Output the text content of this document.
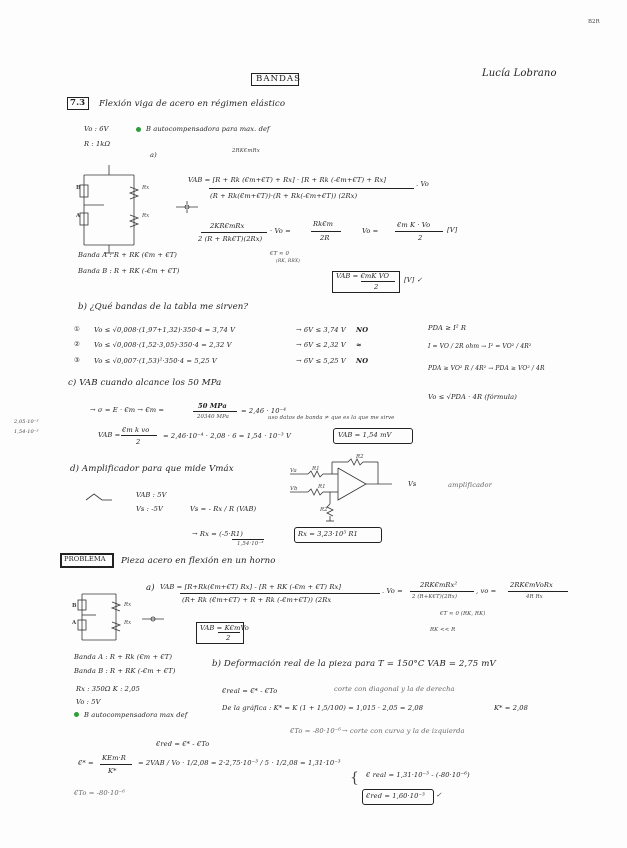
B2R
Lucía Lobrano
BANDAS
7.3 Flexión viga de acero en régimen elástico
Vo : 6V
R : 1kΩ
B autocompensadora para max. def
a)	2RK€mRx
B
A
Rx
Rx
VAB = [R + Rk (€m+€T) + Rx] · [R + Rk (-€m+€T) + Rx]	. Vo
(R + Rk(€m+€T))·(R + Rk(-€m+€T)) (2Rx)
2KR€mRx
2 (R + Rk€T)(2Rx)
· Vo =
Rk€m
2R
Vo =
€m K · Vo
2
[V]
€T ≈ 0
(RK, RRX)
Banda A : R + RK (€m + €T)
Banda B : R + RK (-€m + €T)
VAB = €mK VO
2
[V] ✓
b) ¿Qué bandas de la tabla me sirven?
① Vo ≤ √0,008·(1,97+1,32)·350·4 = 3,74 V	→ 6V ≤ 3,74 V NO
② Vo ≤ √0,008·(1,52·3,05)·350·4 = 2,32 V	→ 6V ≤ 2,32 V ≈
③ Vo ≤ √0,007·(1,53)²·350·4 = 5,25 V	→ 6V ≤ 5,25 V NO
PDA ≥ I² R
I = VO / 2R ohm → I² = VO² / 4R²
PDA ≥ VO² R / 4R² → PDA ≥ VO² / 4R
Vo ≤ √PDA · 4R (fórmula)
c) VAB cuando alcance los 50 MPa
2,05·10⁻³
1,54·10⁻³
→ σ = E · €m → €m =	50 MPa
20340 MPa
= 2,46 · 10⁻⁴
uso datos de banda ≠ que es la que me sirve
VAB =
€m k vo
2
= 2,46·10⁻⁴ · 2,08 · 6 = 1,54 · 10⁻³ V	VAB = 1,54 mV
d) Amplificador para que mide Vmáx
VAB : 5V
Vs : -5V	Vs = - Rx / R (VAB)
→ Rx = (-5·R1)
1,54·10⁻³
Rx = 3,23·10³ R1
Va
Vb
R1
R1
R2
R2
Vs	amplificador
PROBLEMA Pieza acero en flexión en un horno
a) VAB = [R+Rk(€m+€T) Rx] - [R + RK (-€m + €T) Rx]
(R+ Rk (€m+€T) + R + Rk (-€m+€T)) (2Rx
. Vo =
2RK€mRx²
2 (R+K€T)(2Rx)
, vo =
2RK€mVoRx
4R Rx
€T ≈ 0 (RK, RK)
RK << R
B
A
Rx
Rx
VAB = K€mVo
2
Banda A : R + Rk (€m + €T)
Banda B : R + RK (-€m + €T)
Rx : 350Ω K : 2,05
Vo : 5V
B autocompensadora max def
b) Deformación real de la pieza para T = 150°C VAB = 2,75 mV
€real = €* - €To	corte con diagonal y la de derecha
De la gráfica : K* = K (1 + 1,5/100) = 1,015 · 2,05 = 2,08	K* = 2,08
€To = -80·10⁻⁶ → corte con curva y la de izquierda
€red = €* - €To
€* =
KEm·R
K*
= 2VAB / Vo · 1/2,08 = 2·2,75·10⁻³ / 5 · 1/2,08 = 1,31·10⁻³
€To = -80·10⁻⁶
{ € real = 1,31·10⁻³ - (-80·10⁻⁶)
€red = 1,60·10⁻³ ✓
